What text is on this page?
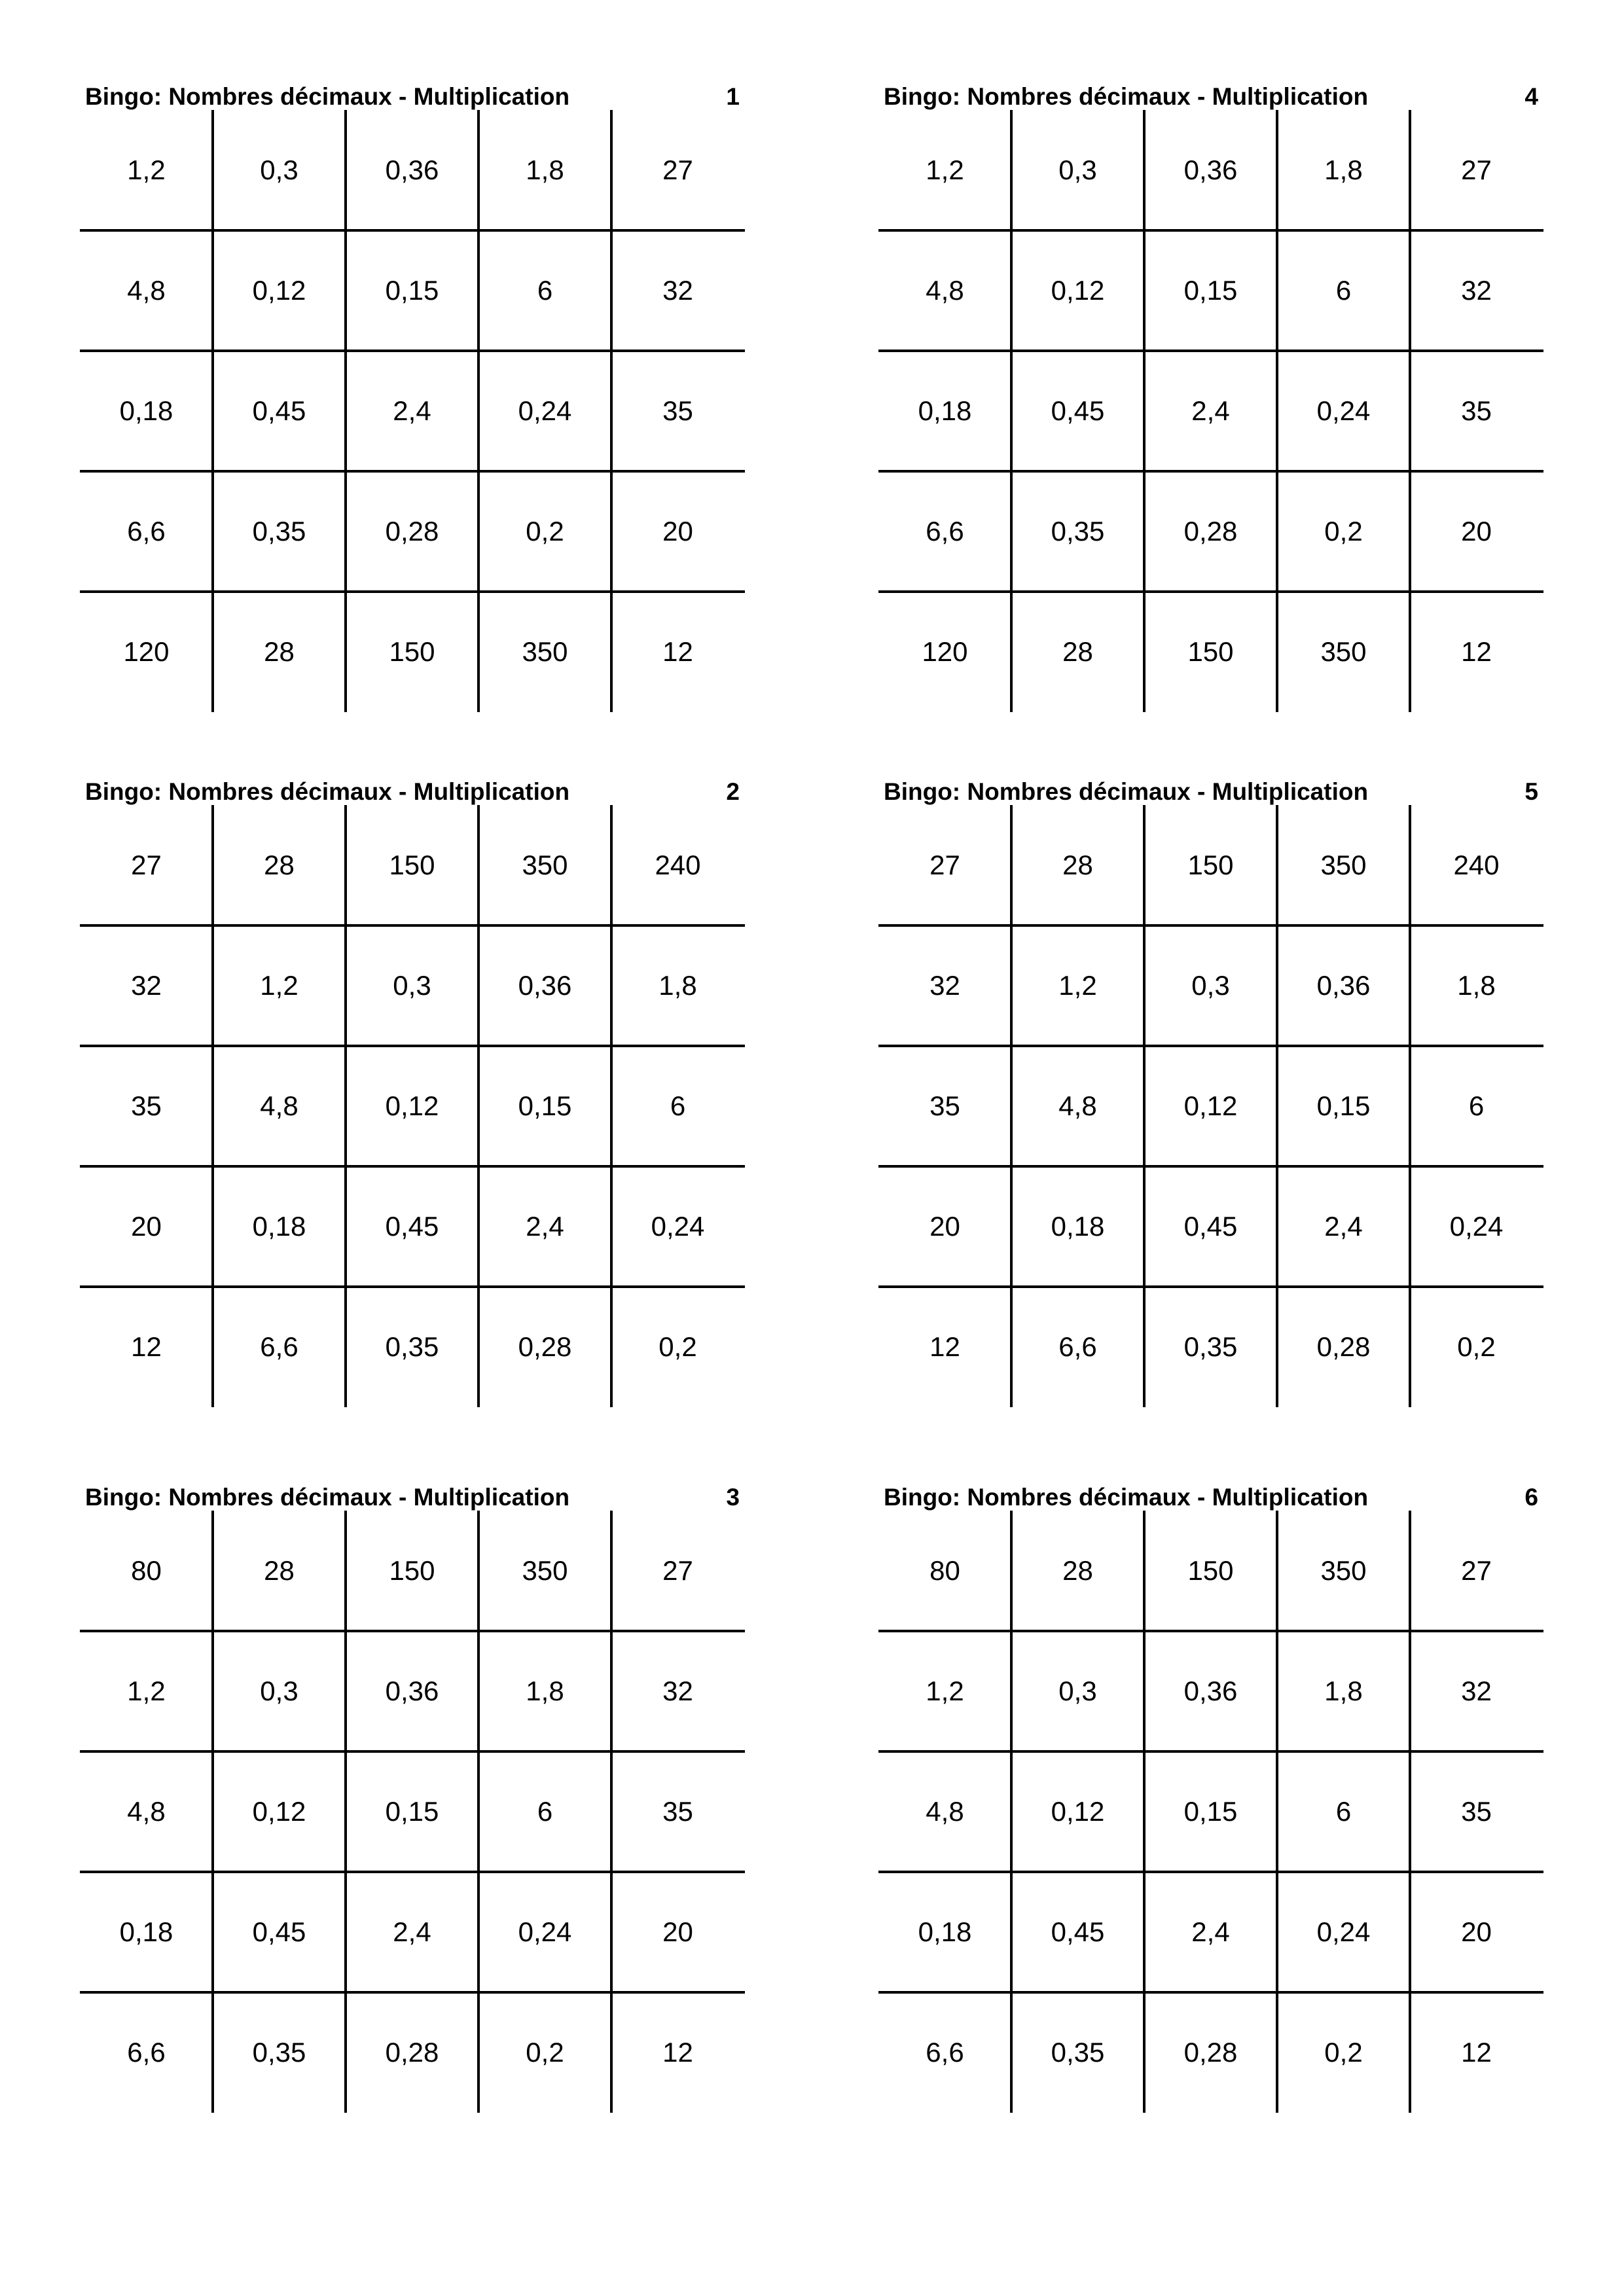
Bingo: Nombres décimaux - Multiplication	1
1,2	0,3	0,36	1,8	27
4,8	0,12	0,15	6	32
0,18	0,45	2,4	0,24	35
6,6	0,35	0,28	0,2	20
120	28	150	350	12
Bingo: Nombres décimaux - Multiplication	4
1,2	0,3	0,36	1,8	27
4,8	0,12	0,15	6	32
0,18	0,45	2,4	0,24	35
6,6	0,35	0,28	0,2	20
120	28	150	350	12
Bingo: Nombres décimaux - Multiplication	2
27	28	150	350	240
32	1,2	0,3	0,36	1,8
35	4,8	0,12	0,15	6
20	0,18	0,45	2,4	0,24
12	6,6	0,35	0,28	0,2
Bingo: Nombres décimaux - Multiplication	5
27	28	150	350	240
32	1,2	0,3	0,36	1,8
35	4,8	0,12	0,15	6
20	0,18	0,45	2,4	0,24
12	6,6	0,35	0,28	0,2
Bingo: Nombres décimaux - Multiplication	3
80	28	150	350	27
1,2	0,3	0,36	1,8	32
4,8	0,12	0,15	6	35
0,18	0,45	2,4	0,24	20
6,6	0,35	0,28	0,2	12
Bingo: Nombres décimaux - Multiplication	6
80	28	150	350	27
1,2	0,3	0,36	1,8	32
4,8	0,12	0,15	6	35
0,18	0,45	2,4	0,24	20
6,6	0,35	0,28	0,2	12
